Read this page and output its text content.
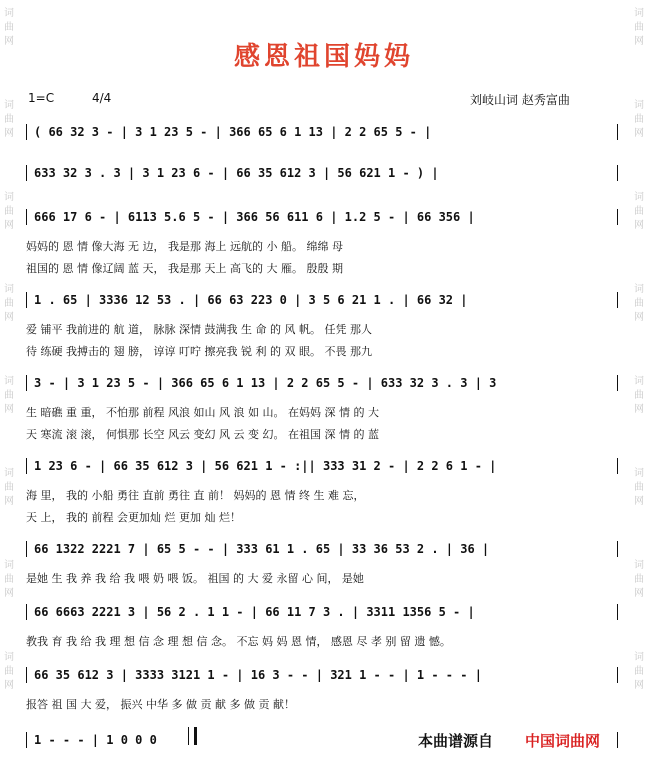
词
曲
网
词
曲
网
词
曲
网
词
曲
网
词
曲
网
词
曲
网
词
曲
网
词
曲
网
词
曲
网
词
曲
网
词
曲
网
词
曲
网
词
曲
网
词
曲
网
词
曲
网
词
曲
网
感恩祖国妈妈
1=C	4/4	刘岐山词 赵秀富曲
( 66 32 3 - | 3 1 23 5 - | 366 65 6 1 13 | 2 2 65 5 - |
633 32 3 . 3 | 3 1 23 6 - | 66 35 612 3 | 56 621 1 - ) |
666 17 6 - | 6113 5.6 5 - | 366 56 611 6 | 1.2 5 - | 66 356 |
妈妈的 恩 情 像大海 无 边， 我是那 海上 远航的 小 船。 绵绵 母
祖国的 恩 情 像辽阔 蓝 天， 我是那 天上 高飞的 大 雁。 殷殷 期
1 . 65 | 3336 12 53 . | 66 63 223 0 | 3 5 6 21 1 . | 66 32 |
爱 铺平 我前进的 航 道， 脉脉 深情 鼓满我 生 命 的 风 帆。 任凭 那人
待 练硬 我搏击的 翅 膀， 谆谆 叮咛 擦亮我 锐 利 的 双 眼。 不畏 那九
3 - | 3 1 23 5 - | 366 65 6 1 13 | 2 2 65 5 - | 633 32 3 . 3 | 3
生 暗礁 重 重， 不怕那 前程 风浪 如山 风 浪 如 山。 在妈妈 深 情 的 大
天 寒流 滚 滚， 何惧那 长空 风云 变幻 风 云 变 幻。 在祖国 深 情 的 蓝
1 23 6 - | 66 35 612 3 | 56 621 1 - :|| 333 31 2 - | 2 2 6 1 - |
海 里， 我的 小船 勇往 直前 勇往 直 前！ 妈妈的 恩 情 终 生 难 忘，
天 上， 我的 前程 会更加灿 烂 更加 灿 烂！
66 1322 2221 7 | 65 5 - - | 333 61 1 . 65 | 33 36 53 2 . | 36 |
是她 生 我 养 我 给 我 喂 奶 喂 饭。 祖国 的 大 爱 永留 心 间， 是她
66 6663 2221 3 | 56 2 . 1 1 - | 66 11 7 3 . | 3311 1356 5 - |
教我 育 我 给 我 理 想 信 念 理 想 信 念。 不忘 妈 妈 恩 情， 感恩 尽 孝 别 留 遗 憾。
66 35 612 3 | 3333 3121 1 - | 16 3 - - | 321 1 - - | 1 - - - |
报答 祖 国 大 爱， 振兴 中华 多 做 贡 献 多 做 贡 献！
1 - - - | 1 0 0 0	本曲谱源自 中国词曲网
